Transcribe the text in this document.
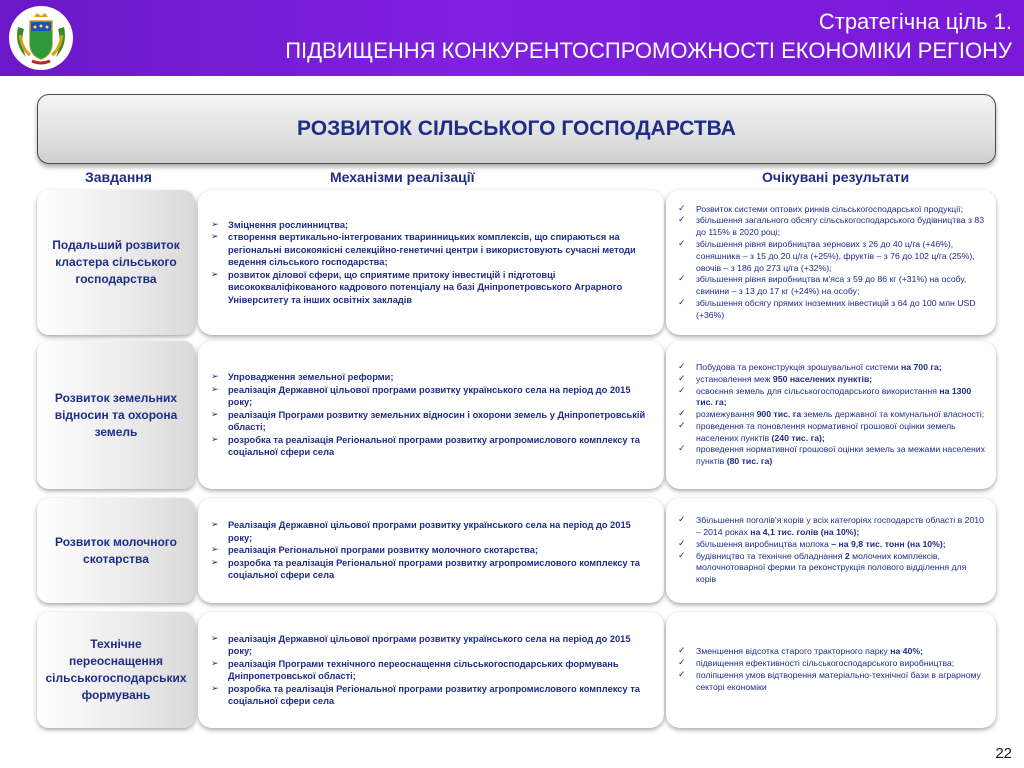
Стратегічна ціль 1.
ПІДВИЩЕННЯ КОНКУРЕНТОСПРОМОЖНОСТІ ЕКОНОМІКИ РЕГІОНУ
РОЗВИТОК СІЛЬСЬКОГО ГОСПОДАРСТВА
Завдання	Механізми реалізації	Очікувані результати
Подальший розвиток кластера сільського господарства
➢ Зміцнення рослинництва;
➢ створення вертикально-інтегрованих тваринницьких комплексів, що спираються на регіональні високоякісні селекційно-генетичні центри і використовують сучасні методи ведення сільського господарства;
➢ розвиток ділової сфери, що сприятиме притоку інвестицій і підготовці висококваліфікованого кадрового потенціалу на базі Дніпропетровського Аграрного Університету та інших освітніх закладів
✓ Розвиток системи оптових ринків сільськогосподарської продукції;
✓ збільшення загального обсягу сільськогосподарського будівництва з 83 до 115% в 2020 році;
✓ збільшення рівня виробництва зернових з 26 до 40 ц/га (+46%), соняшника – з 15 до 20 ц/га (+25%), фруктів – з 76 до 102 ц/га (25%), овочів – з 186 до 273 ц/га (+32%);
✓ збільшення рівня виробництва м'яса з 59 до 86 кг (+31%) на особу, свинини – з 13 до 17 кг (+24%) на особу;
✓ збільшення обсягу прямих іноземних інвестицій з 64 до 100 млн USD (+36%)
Розвиток земельних відносин та охорона земель
➢ Упровадження земельної реформи;
➢ реалізація Державної цільової програми розвитку українського села на період до 2015 року;
➢ реалізація Програми розвитку земельних відносин і охорони земель у Дніпропетровській області;
➢ розробка та реалізація Регіональної програми розвитку агропромислового комплексу та соціальної сфери села
✓ Побудова та реконструкція зрошувальної системи на 700 га;
✓ установлення меж 950 населених пунктів;
✓ освоєння земель для сільськогосподарського використання на 1300 тис. га;
✓ розмежування 900 тис. га земель державної та комунальної власності;
✓ проведення та поновлення нормативної грошової оцінки земель населених пунктів (240 тис. га);
✓ проведення нормативної грошової оцінки земель за межами населених пунктів (80 тис. га)
Розвиток молочного скотарства
➢ Реалізація Державної цільової програми розвитку українського села на період до 2015 року;
➢ реалізація Регіональної програми розвитку молочного скотарства;
➢ розробка та реалізація Регіональної програми розвитку агропромислового комплексу та соціальної сфери села
✓ Збільшення поголів'я корів у всіх категоріях господарств області в 2010 – 2014 роках на 4,1 тис. голів (на 10%);
✓ збільшення виробництва молока – на 9,8 тис. тонн (на 10%);
✓ будівництво та технічне обладнання 2 молочних комплексів, молочнотоварної ферми та реконструкція полового відділення для корів
Технічне переоснащення сільськогосподарських формувань
➢ реалізація Державної цільової програми розвитку українського села на період до 2015 року;
➢ реалізація Програми технічного переоснащення сільськогосподарських формувань Дніпропетровської області;
➢ розробка та реалізація Регіональної програми розвитку агропромислового комплексу та соціальної сфери села
✓ Зменшення відсотка старого тракторного парку на 40%;
✓ підвищення ефективності сільськогосподарського виробництва;
✓ поліпшення умов відтворення матеріально-технічної бази в аграрному секторі економіки
22
